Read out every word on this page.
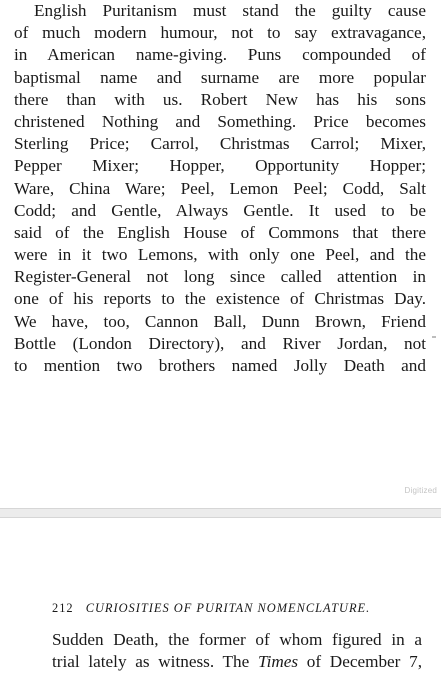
English Puritanism must stand the guilty cause
of much modern humour, not to say extravagance,
in American name-giving. Puns compounded of
baptismal name and surname are more popular
there than with us. Robert New has his sons
christened Nothing and Something. Price becomes
Sterling Price; Carrol, Christmas Carrol; Mixer,
Pepper Mixer; Hopper, Opportunity Hopper;
Ware, China Ware; Peel, Lemon Peel; Codd, Salt
Codd; and Gentle, Always Gentle. It used to be
said of the English House of Commons that there
were in it two Lemons, with only one Peel, and the
Register-General not long since called attention in
one of his reports to the existence of Christmas Day.
We have, too, Cannon Ball, Dunn Brown, Friend
Bottle (London Directory), and River Jordan, not
to mention two brothers named Jolly Death and
Digitized
212 CURIOSITIES OF PURITAN NOMENCLATURE.
Sudden Death, the former of whom figured in a
trial lately as witness. The Times of December 7,
